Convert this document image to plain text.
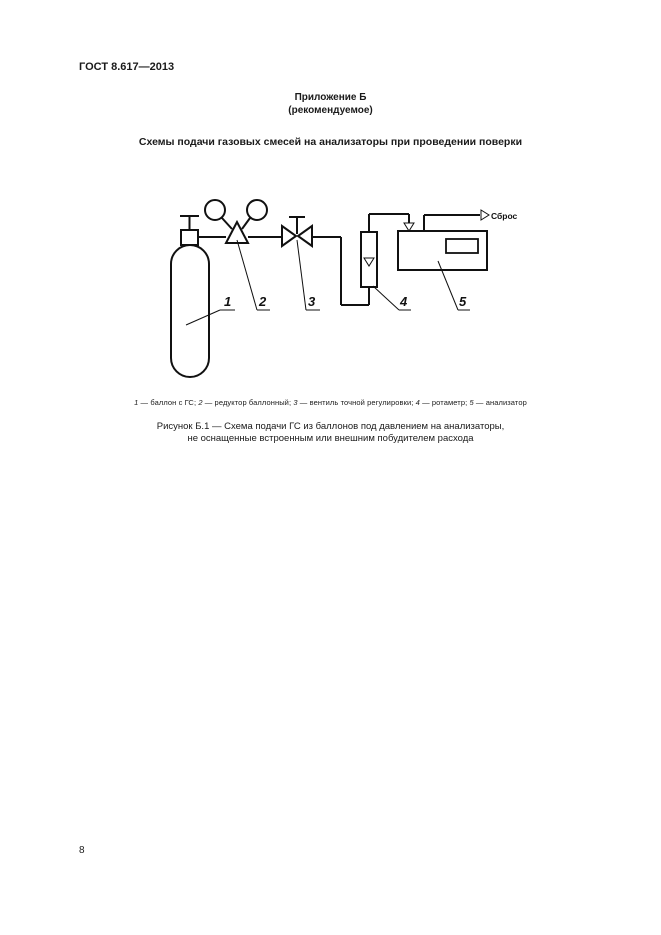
ГОСТ 8.617—2013
Приложение Б
(рекомендуемое)
Схемы подачи газовых смесей на анализаторы при проведении поверки
1 2	3	4	5
Сброс
1 — баллон с ГС; 2 — редуктор баллонный; 3 — вентиль точной регулировки; 4 — ротаметр; 5 — анализатор
Рисунок Б.1 — Схема подачи ГС из баллонов под давлением на анализаторы,
не оснащенные встроенным или внешним побудителем расхода
8
